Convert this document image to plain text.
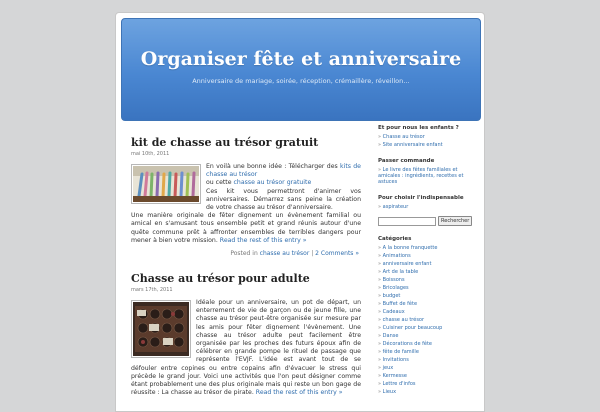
Organiser fête et anniversaire
Anniversaire de mariage, soirée, réception, crémaillère, réveillon…
kit de chasse au trésor gratuit
mai 10th, 2011
En voilà une bonne idée : Télécharger des kits de chasse au trésor
ou cette chasse au trésor gratuite
Ces kit vous permettront d'animer vos anniversaires. Démarrez sans peine la création de votre chasse au trésor d'anniversaire.
Une manière originale de fêter dignement un évènement familial ou amical en s'amusant tous ensemble petit et grand réunis autour d'une quête commune prêt à affronter ensembles de terribles dangers pour mener à bien votre mission. Read the rest of this entry »
Posted in chasse au trésor | 2 Comments »
Chasse au trésor pour adulte
mars 17th, 2011
Idéale pour un anniversaire, un pot de départ, un enterrement de vie de garçon ou de jeune fille, une chasse au trésor peut-être organisée sur mesure par les amis pour fêter dignement l'évènement. Une chasse au trésor adulte peut facilement être organisée par les proches des futurs époux afin de célébrer en grande pompe le rituel de passage que représente l'EVJF. L'idée est avant tout de se défouler entre copines ou entre copains afin d'évacuer le stress qui précède le grand jour. Voici une activités que l'on peut désigner comme étant probablement une des plus originale mais qui reste un bon gage de réussite : La chasse au trésor de pirate. Read the rest of this entry »
Et pour nous les enfants ?
» Chasse au trésor
» Site anniversaire enfant
Passer commande
» Le livre des fêtes familiales et amicales : ingrédients, recettes et astuces
Pour choisir l'indispensable
» aspirateur
Rechercher
Catégories
» A la bonne franquette
» Animations
» anniversaire enfant
» Art de la table
» Boissons
» Bricolages
» budget
» Buffet de fête
» Cadeaux
» chasse au trésor
» Cuisiner pour beaucoup
» Danse
» Décorations de fête
» fête de famille
» Invitations
» jeux
» Kermesse
» Lettre d'infos
» Lieux
